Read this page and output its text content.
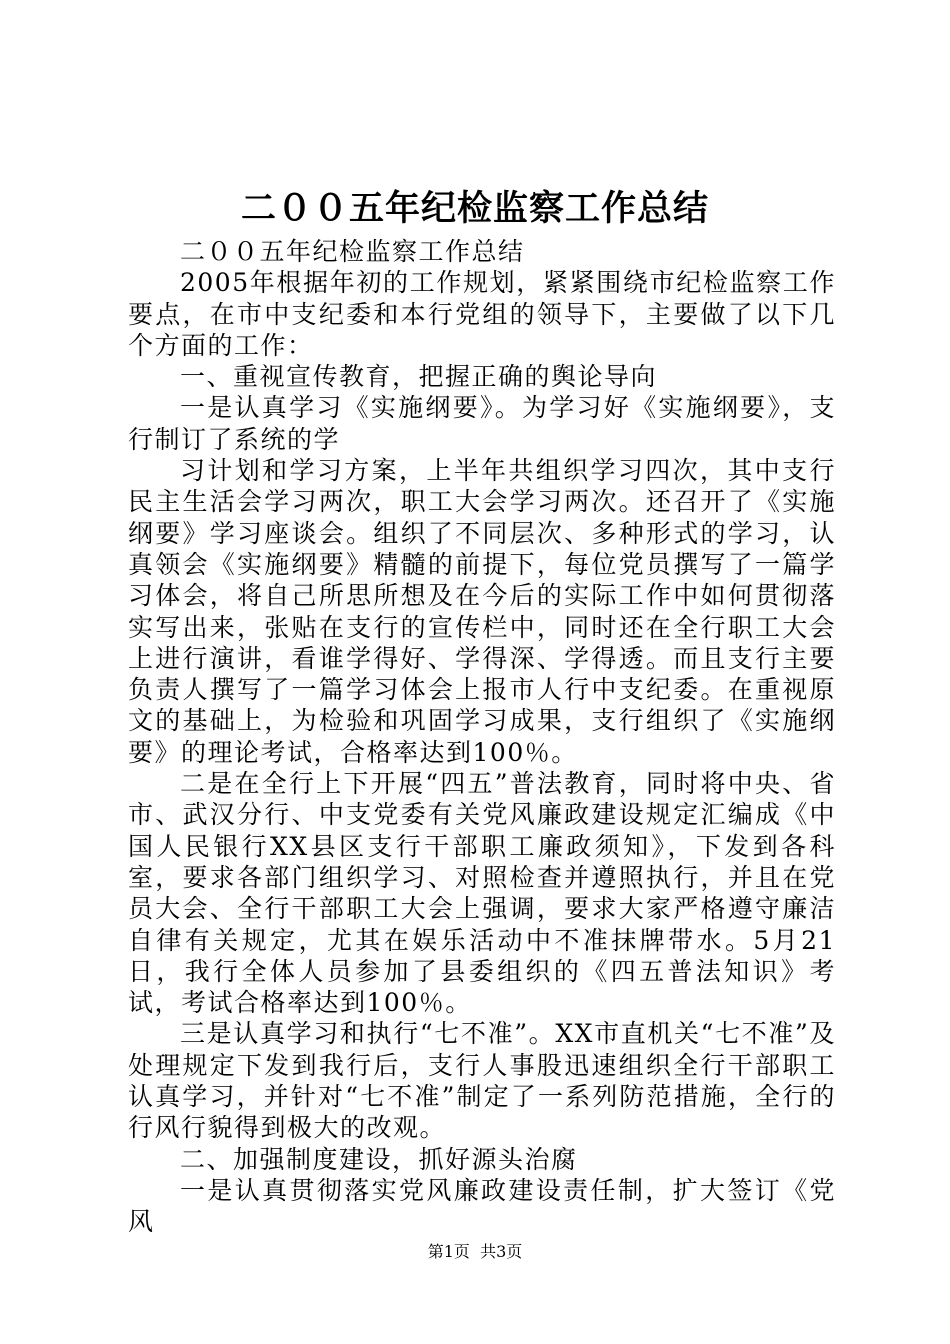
二００五年纪检监察工作总结

二００五年纪检监察工作总结

2005年根据年初的工作规划，紧紧围绕市纪检监察工作要点，在市中支纪委和本行党组的领导下，主要做了以下几个方面的工作：

一、重视宣传教育，把握正确的舆论导向

一是认真学习《实施纲要》。为学习好《实施纲要》，支行制订了系统的学

习计划和学习方案，上半年共组织学习四次，其中支行民主生活会学习两次，职工大会学习两次。还召开了《实施纲要》学习座谈会。组织了不同层次、多种形式的学习，认真领会《实施纲要》精髓的前提下，每位党员撰写了一篇学习体会，将自己所思所想及在今后的实际工作中如何贯彻落实写出来，张贴在支行的宣传栏中，同时还在全行职工大会上进行演讲，看谁学得好、学得深、学得透。而且支行主要负责人撰写了一篇学习体会上报市人行中支纪委。在重视原文的基础上，为检验和巩固学习成果，支行组织了《实施纲要》的理论考试，合格率达到100％。

二是在全行上下开展“四五”普法教育，同时将中央、省市、武汉分行、中支党委有关党风廉政建设规定汇编成《中国人民银行XX县区支行干部职工廉政须知》，下发到各科室，要求各部门组织学习、对照检查并遵照执行，并且在党员大会、全行干部职工大会上强调，要求大家严格遵守廉洁自律有关规定，尤其在娱乐活动中不准抹牌带水。5月21日，我行全体人员参加了县委组织的《四五普法知识》考试，考试合格率达到100％。

三是认真学习和执行“七不准”。XX市直机关“七不准”及处理规定下发到我行后，支行人事股迅速组织全行干部职工认真学习，并针对“七不准”制定了一系列防范措施，全行的行风行貌得到极大的改观。

二、加强制度建设，抓好源头治腐

一是认真贯彻落实党风廉政建设责任制，扩大签订《党风

第1页  共3页
